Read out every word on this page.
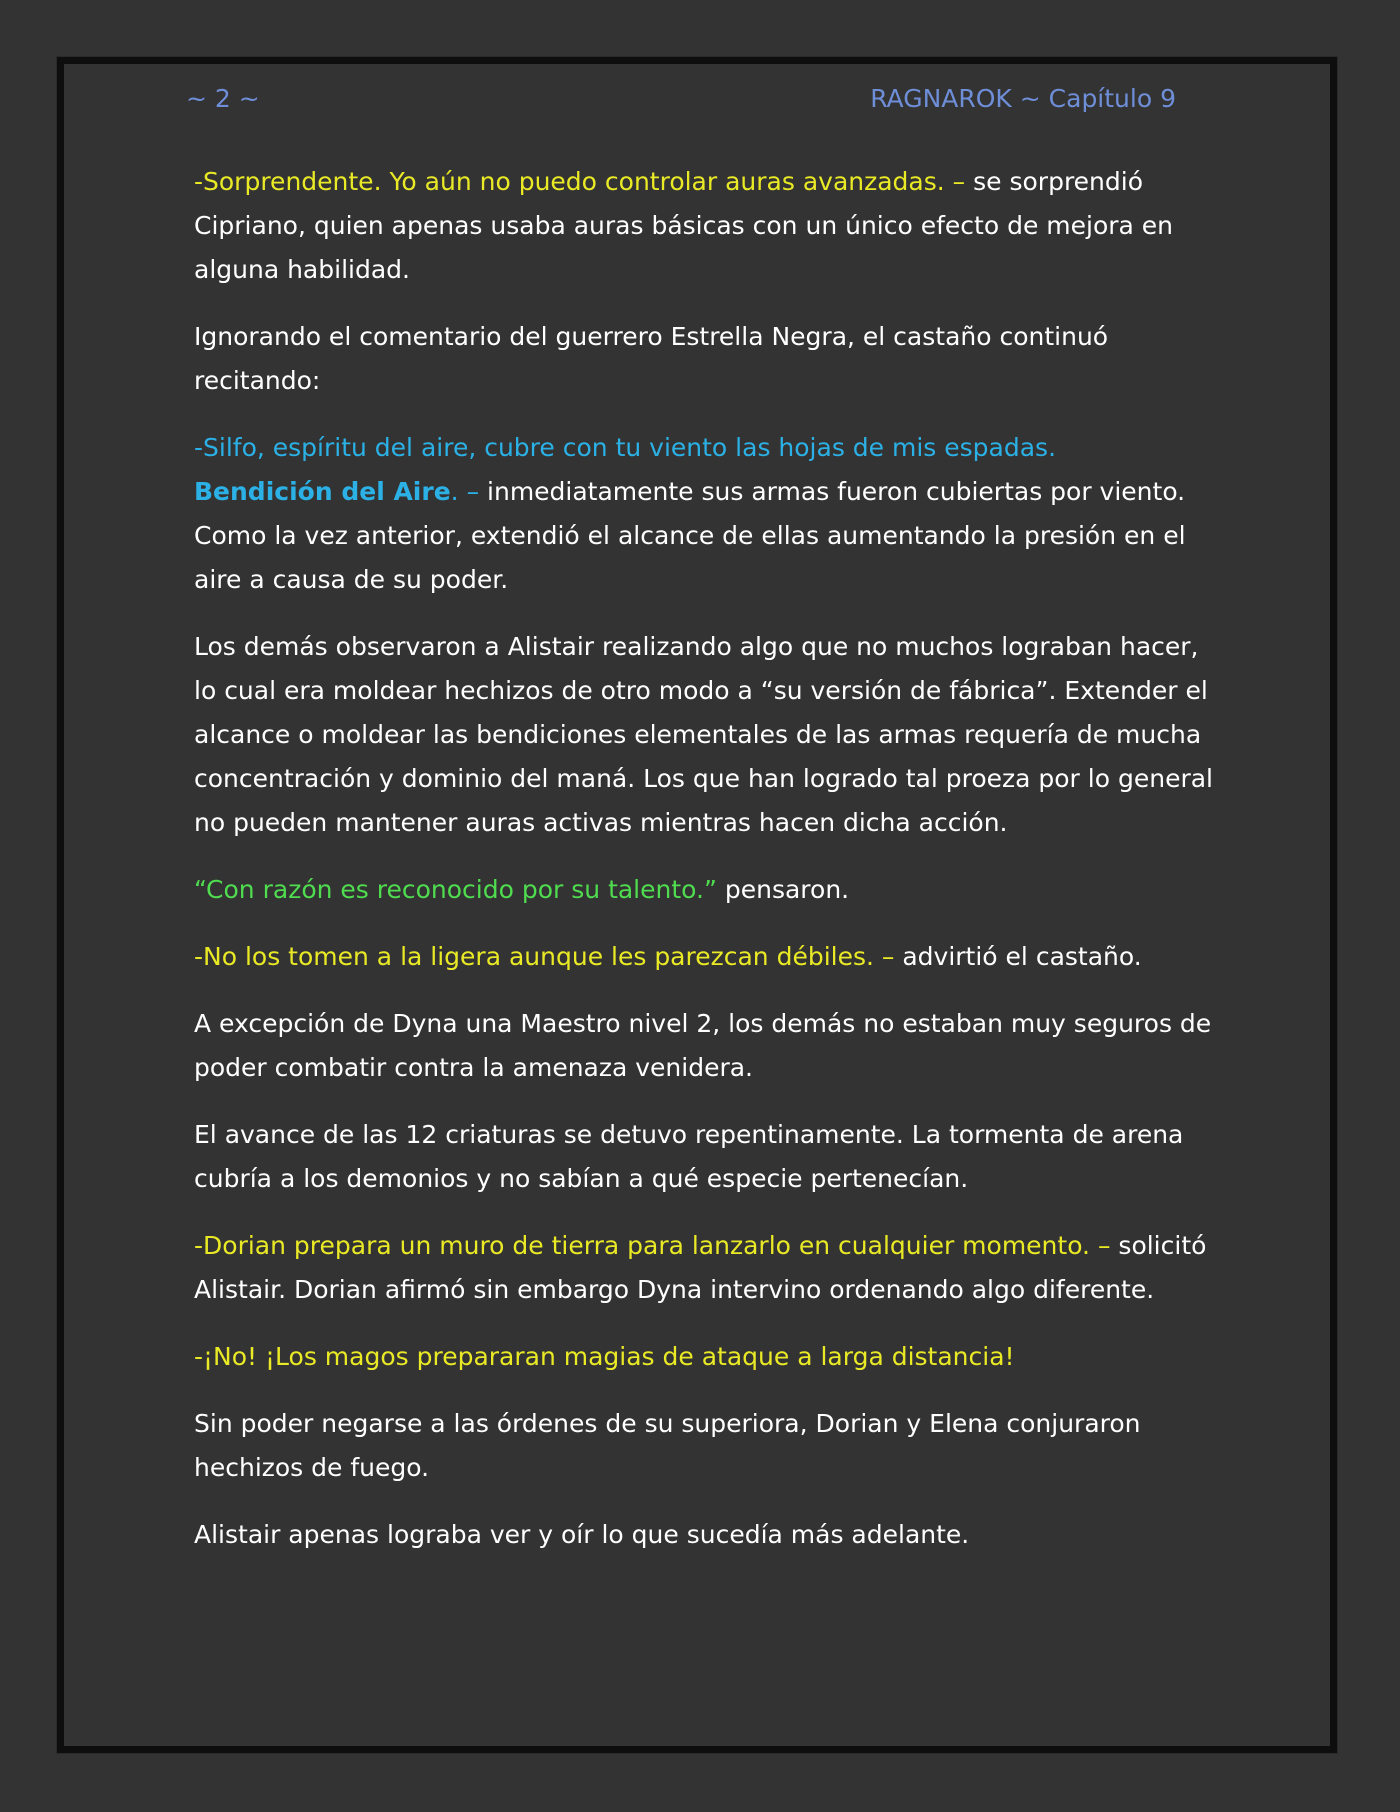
~ 2 ~	RAGNAROK ~ Capítulo 9

-Sorprendente. Yo aún no puedo controlar auras avanzadas. – se sorprendió Cipriano, quien apenas usaba auras básicas con un único efecto de mejora en alguna habilidad.

Ignorando el comentario del guerrero Estrella Negra, el castaño continuó recitando:

-Silfo, espíritu del aire, cubre con tu viento las hojas de mis espadas.
Bendición del Aire. – inmediatamente sus armas fueron cubiertas por viento. Como la vez anterior, extendió el alcance de ellas aumentando la presión en el aire a causa de su poder.

Los demás observaron a Alistair realizando algo que no muchos lograban hacer, lo cual era moldear hechizos de otro modo a “su versión de fábrica”. Extender el alcance o moldear las bendiciones elementales de las armas requería de mucha concentración y dominio del maná. Los que han logrado tal proeza por lo general no pueden mantener auras activas mientras hacen dicha acción.

“Con razón es reconocido por su talento.” pensaron.

-No los tomen a la ligera aunque les parezcan débiles. – advirtió el castaño.

A excepción de Dyna una Maestro nivel 2, los demás no estaban muy seguros de poder combatir contra la amenaza venidera.

El avance de las 12 criaturas se detuvo repentinamente. La tormenta de arena cubría a los demonios y no sabían a qué especie pertenecían.

-Dorian prepara un muro de tierra para lanzarlo en cualquier momento. – solicitó Alistair. Dorian afirmó sin embargo Dyna intervino ordenando algo diferente.

-¡No! ¡Los magos prepararan magias de ataque a larga distancia!

Sin poder negarse a las órdenes de su superiora, Dorian y Elena conjuraron hechizos de fuego.

Alistair apenas lograba ver y oír lo que sucedía más adelante.
